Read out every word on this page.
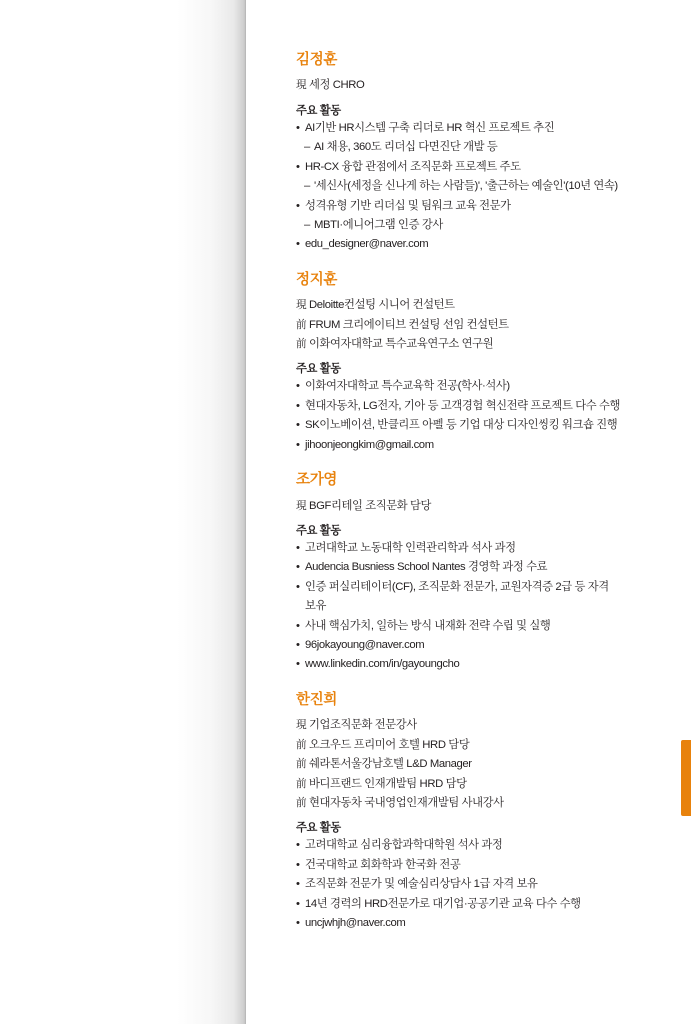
김정훈
現 세정 CHRO
주요 활동
• AI기반 HR시스템 구축 리더로 HR 혁신 프로젝트 추진
– AI 채용, 360도 리더십 다면진단 개발 등
• HR-CX 융합 관점에서 조직문화 프로젝트 주도
– '세신사(세정을 신나게 하는 사람들)', '출근하는 예술인'(10년 연속)
• 성격유형 기반 리더십 및 팀워크 교육 전문가
– MBTI·에니어그램 인증 강사
• edu_designer@naver.com
정지훈
現 Deloitte컨설팅 시니어 컨설턴트
前 FRUM 크리에이티브 컨설팅 선임 컨설턴트
前 이화여자대학교 특수교육연구소 연구원
주요 활동
• 이화여자대학교 특수교육학 전공(학사·석사)
• 현대자동차, LG전자, 기아 등 고객경험 혁신전략 프로젝트 다수 수행
• SK이노베이션, 반클리프 아펠 등 기업 대상 디자인씽킹 워크숍 진행
• jihoonjeongkim@gmail.com
조가영
現 BGF리테일 조직문화 담당
주요 활동
• 고려대학교 노동대학 인력관리학과 석사 과정
• Audencia Busniess School Nantes 경영학 과정 수료
• 인증 퍼실리테이터(CF), 조직문화 전문가, 교원자격증 2급 등 자격
보유
• 사내 핵심가치, 일하는 방식 내재화 전략 수립 및 실행
• 96jokayoung@naver.com
• www.linkedin.com/in/gayoungcho
한진희
現 기업조직문화 전문강사
前 오크우드 프리미어 호텔 HRD 담당
前 쉐라톤서울강남호텔 L&D Manager
前 바디프랜드 인재개발팀 HRD 담당
前 현대자동차 국내영업인재개발팀 사내강사
주요 활동
• 고려대학교 심리융합과학대학원 석사 과정
• 건국대학교 회화학과 한국화 전공
• 조직문화 전문가 및 예술심리상담사 1급 자격 보유
• 14년 경력의 HRD전문가로 대기업·공공기관 교육 다수 수행
• uncjwhjh@naver.com
